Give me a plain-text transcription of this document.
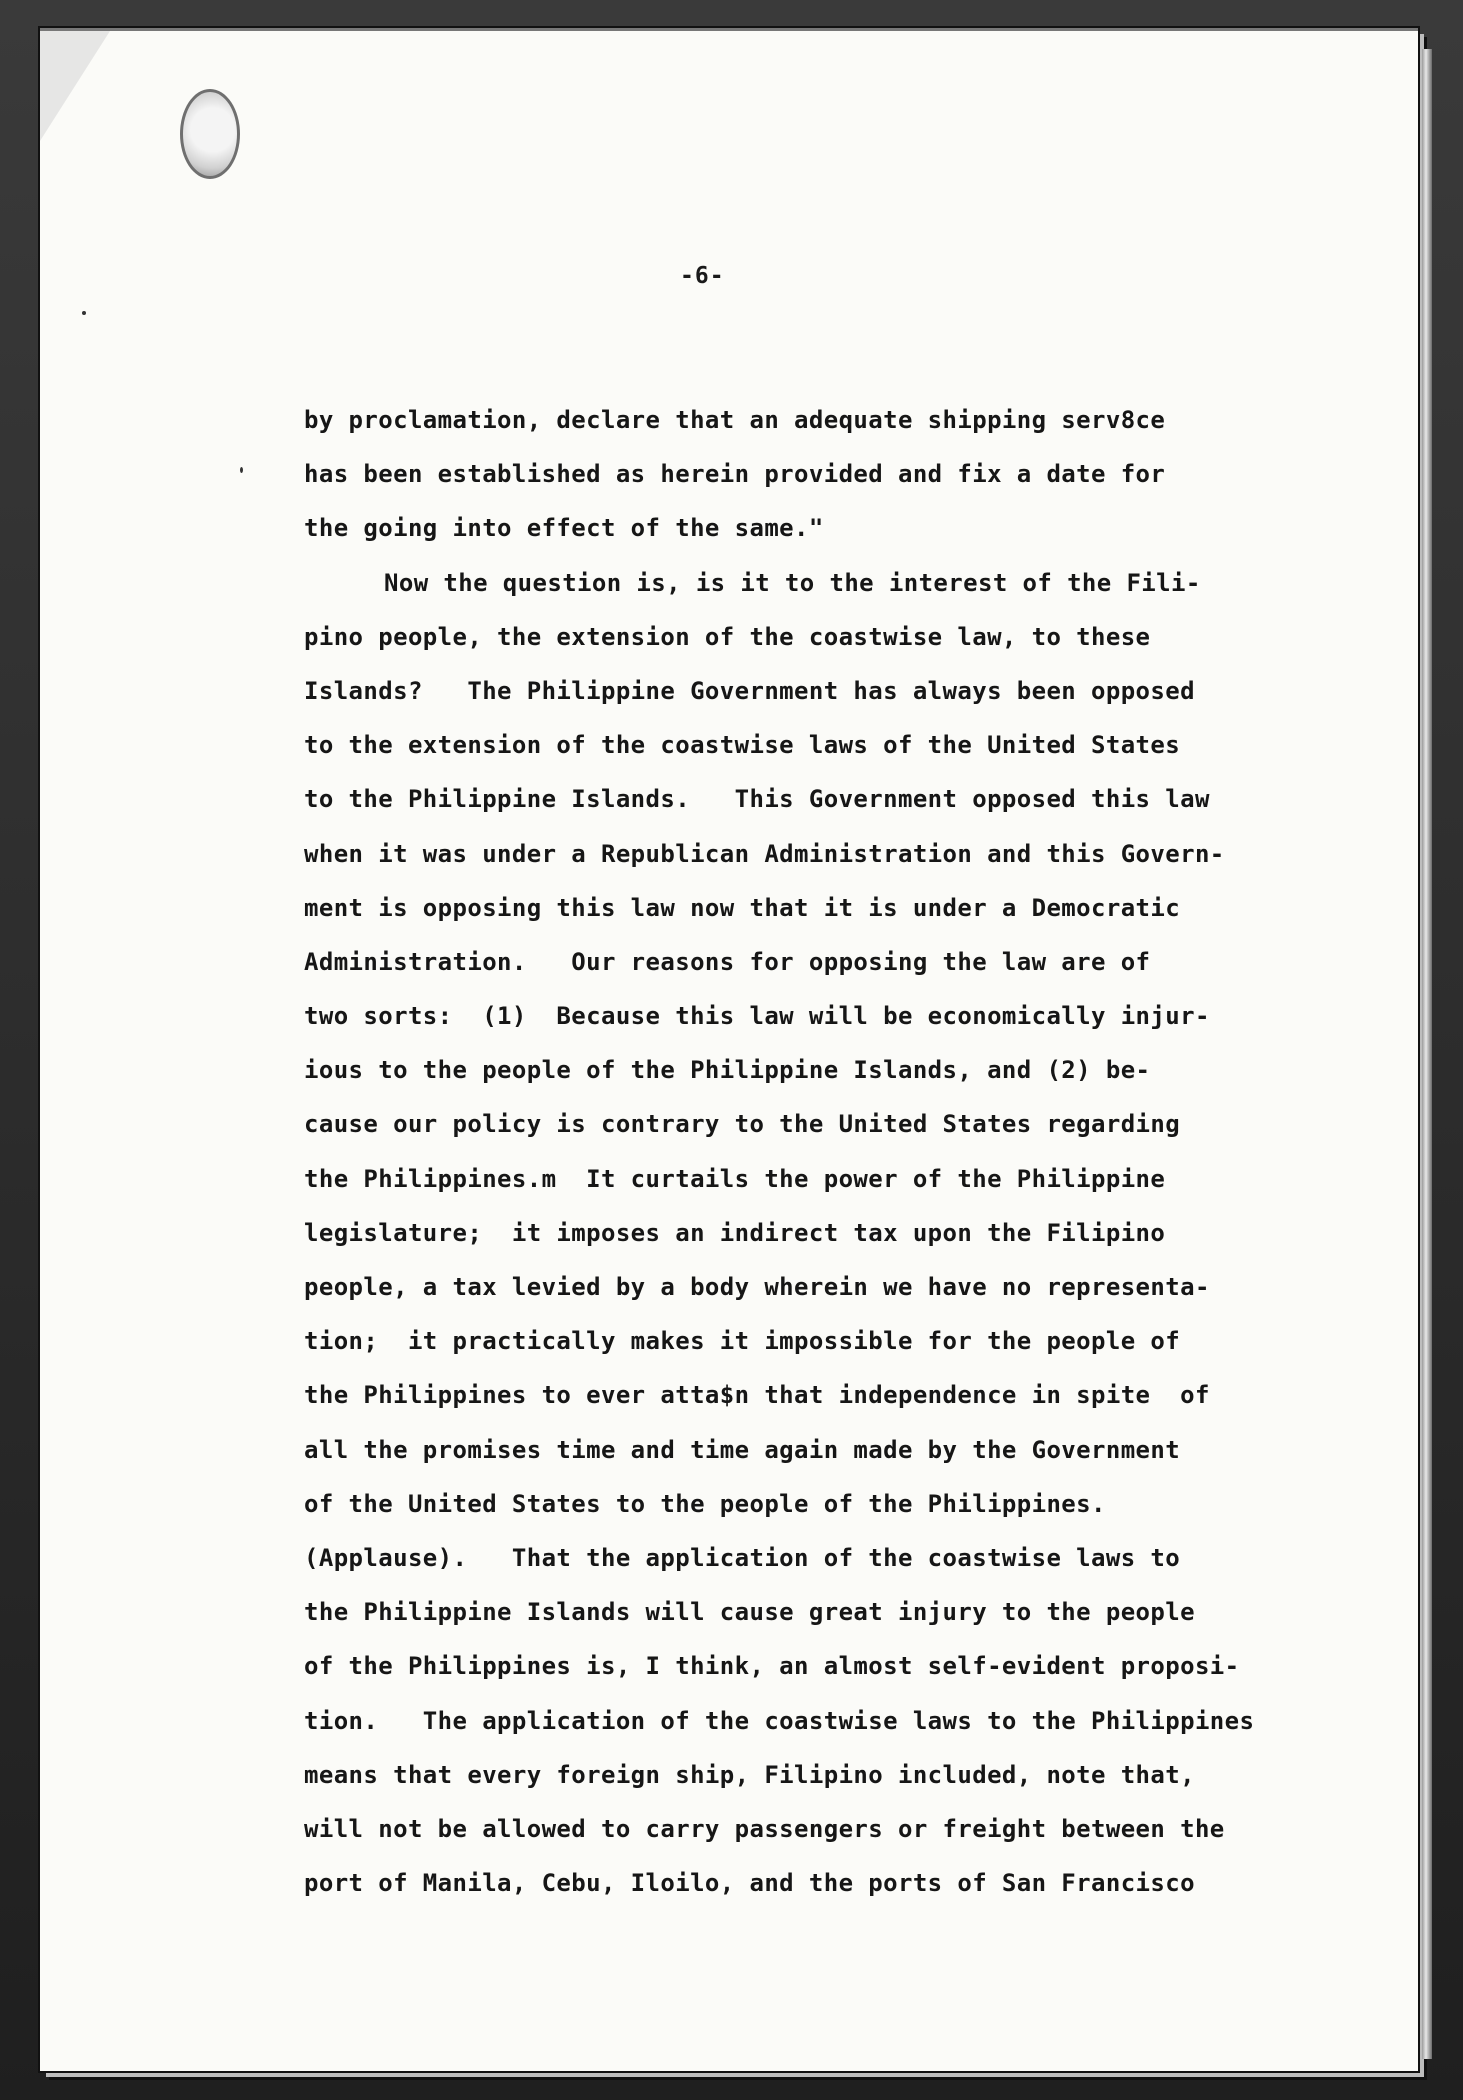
-6-
by proclamation, declare that an adequate shipping serv8ce
has been established as herein provided and fix a date for
the going into effect of the same."
Now the question is, is it to the interest of the Fili-
pino people, the extension of the coastwise law, to these
Islands?   The Philippine Government has always been opposed
to the extension of the coastwise laws of the United States
to the Philippine Islands.   This Government opposed this law
when it was under a Republican Administration and this Govern-
ment is opposing this law now that it is under a Democratic
Administration.   Our reasons for opposing the law are of
two sorts:  (1)  Because this law will be economically injur-
ious to the people of the Philippine Islands, and (2) be-
cause our policy is contrary to the United States regarding
the Philippines.m  It curtails the power of the Philippine
legislature;  it imposes an indirect tax upon the Filipino
people, a tax levied by a body wherein we have no representa-
tion;  it practically makes it impossible for the people of
the Philippines to ever atta$n that independence in spite  of
all the promises time and time again made by the Government
of the United States to the people of the Philippines.
(Applause).   That the application of the coastwise laws to
the Philippine Islands will cause great injury to the people
of the Philippines is, I think, an almost self-evident proposi-
tion.   The application of the coastwise laws to the Philippines
means that every foreign ship, Filipino included, note that,
will not be allowed to carry passengers or freight between the
port of Manila, Cebu, Iloilo, and the ports of San Francisco
